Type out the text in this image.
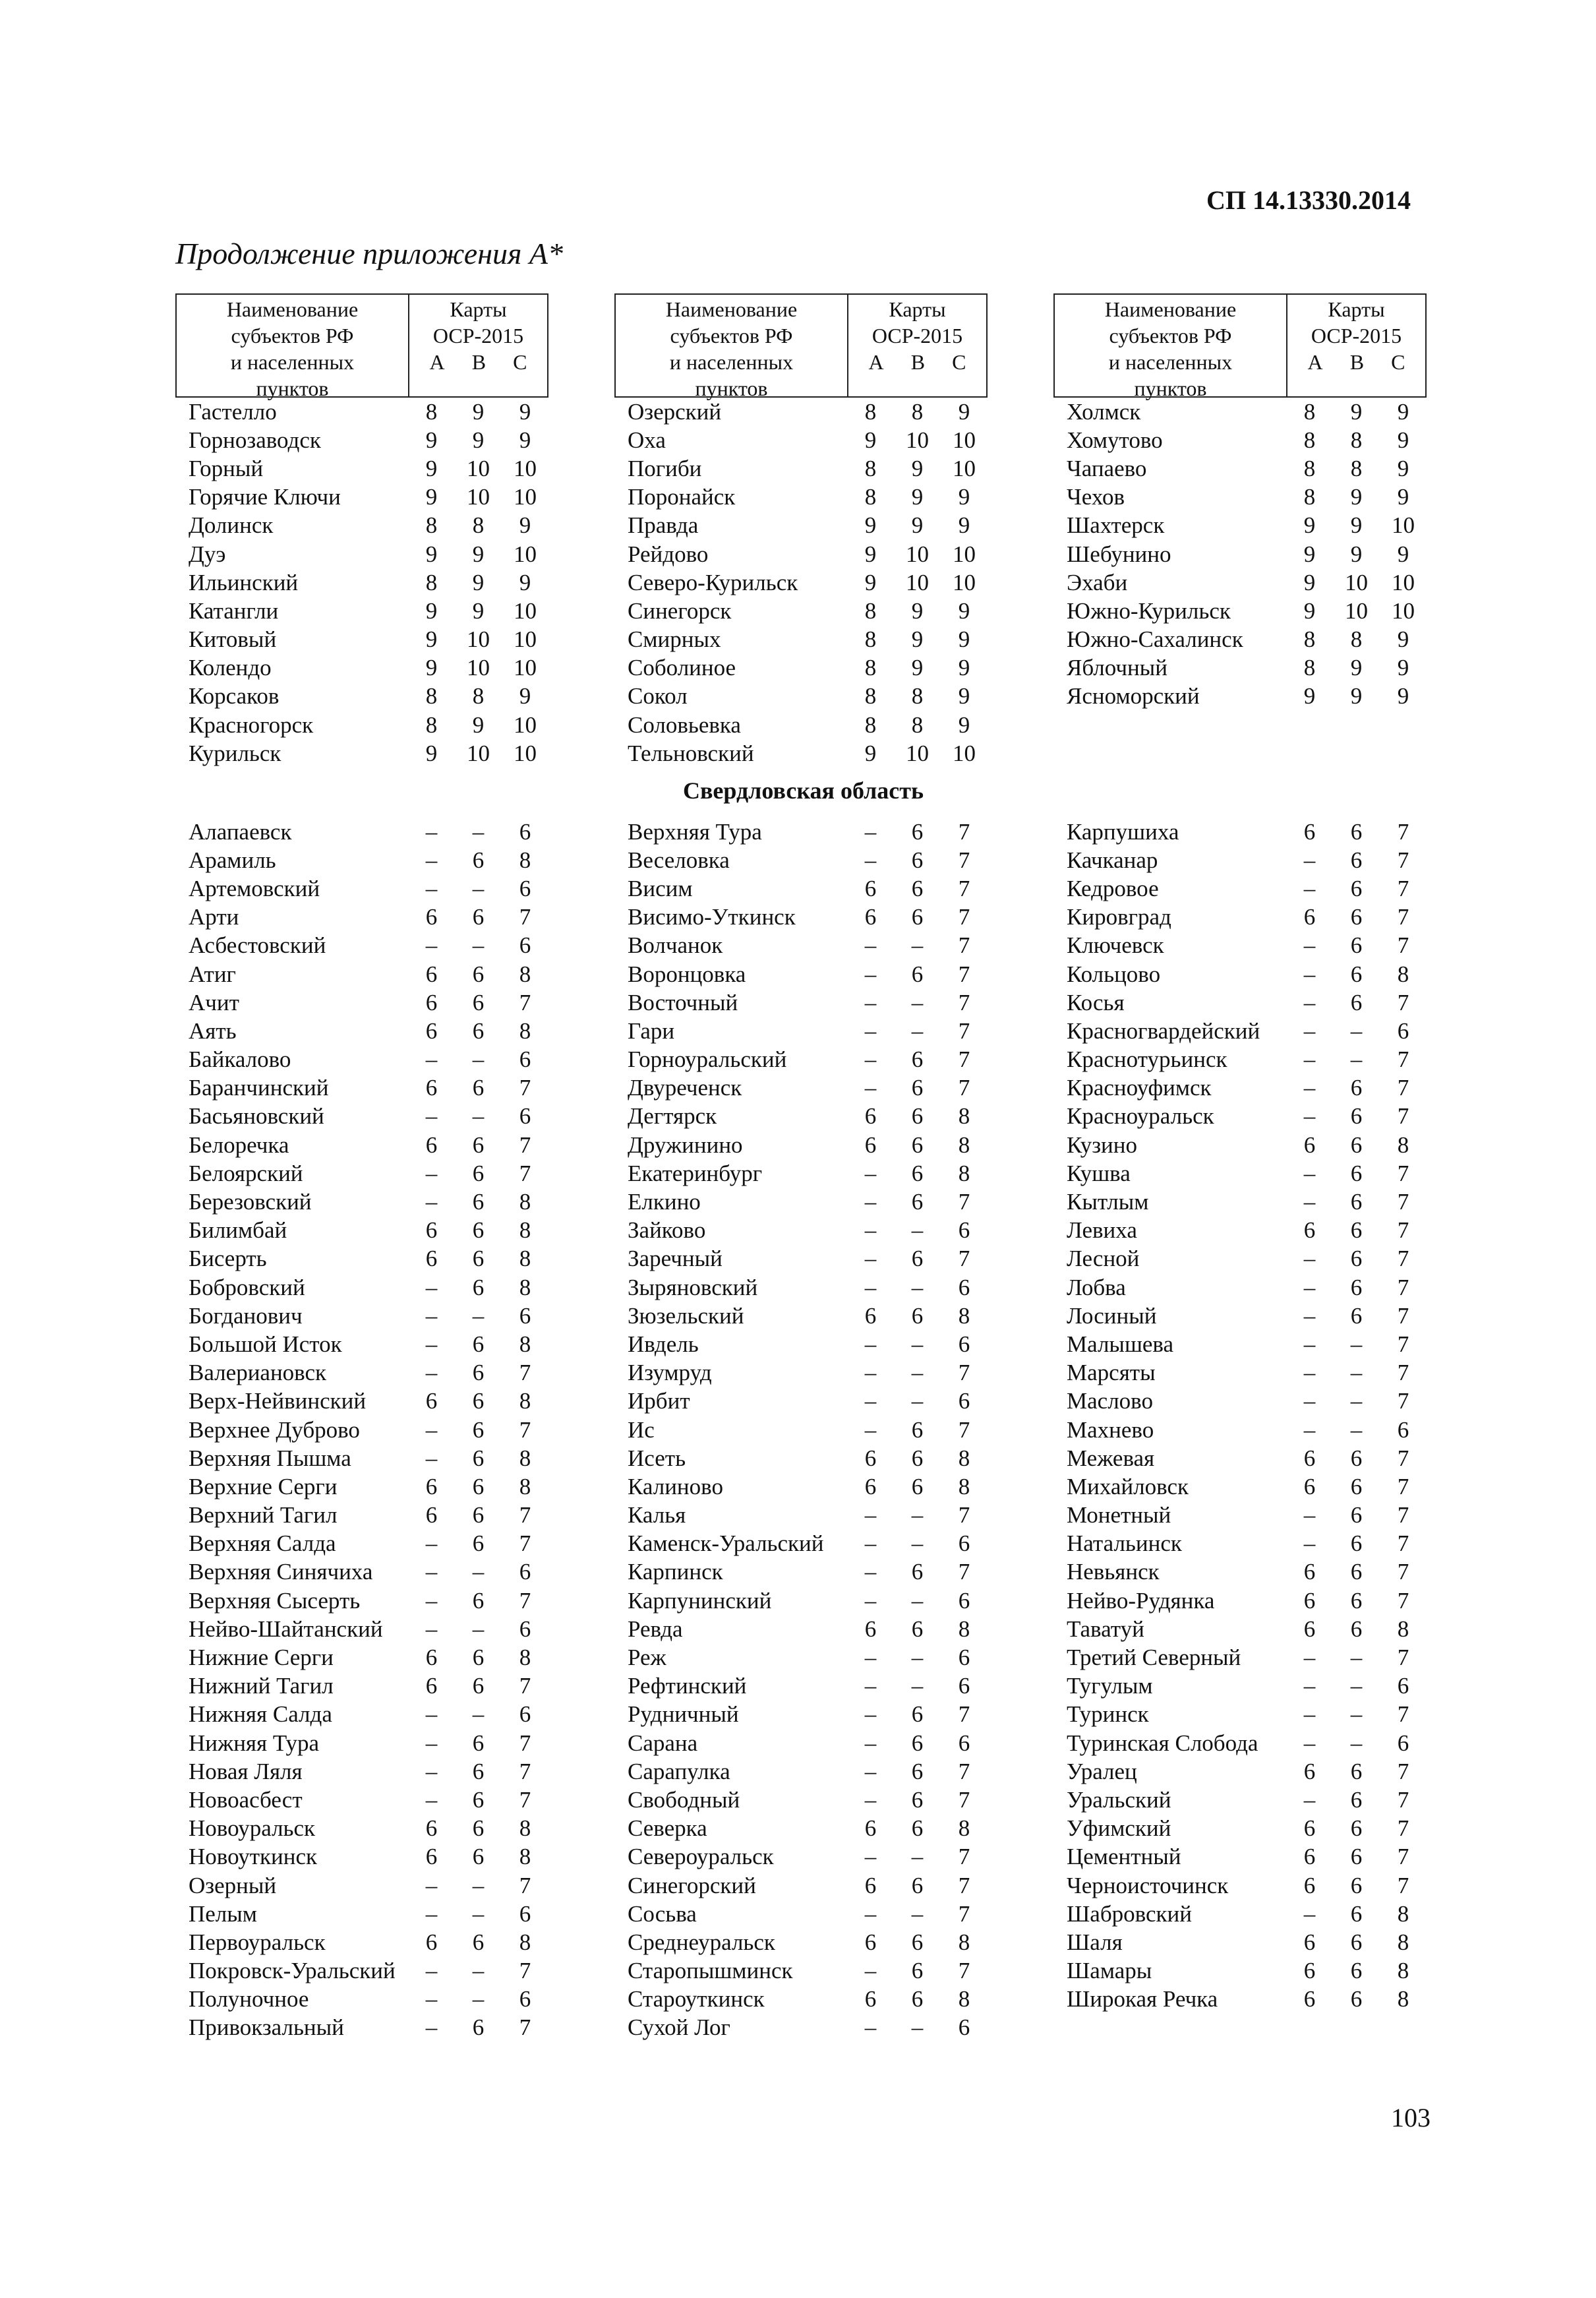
СП 14.13330.2014
Продолжение приложения А*
Наименование
субъектов РФ
и населенных
пунктов
Карты
ОСР-2015
А В С
Гастелло	8	9	9
Горнозаводск	9	9	9
Горный	9	10	10
Горячие Ключи	9	10	10
Долинск	8	8	9
Дуэ	9	9	10
Ильинский	8	9	9
Катангли	9	9	10
Китовый	9	10	10
Колендо	9	10	10
Корсаков	8	8	9
Красногорск	8	9	10
Курильск	9	10	10
Алапаевск	–	–	6
Арамиль	–	6	8
Артемовский	–	–	6
Арти	6	6	7
Асбестовский	–	–	6
Атиг	6	6	8
Ачит	6	6	7
Аять	6	6	8
Байкалово	–	–	6
Баранчинский	6	6	7
Басьяновский	–	–	6
Белоречка	6	6	7
Белоярский	–	6	7
Березовский	–	6	8
Билимбай	6	6	8
Бисерть	6	6	8
Бобровский	–	6	8
Богданович	–	–	6
Большой Исток	–	6	8
Валериановск	–	6	7
Верх-Нейвинский	6	6	8
Верхнее Дуброво	–	6	7
Верхняя Пышма	–	6	8
Верхние Серги	6	6	8
Верхний Тагил	6	6	7
Верхняя Салда	–	6	7
Верхняя Синячиха	–	–	6
Верхняя Сысерть	–	6	7
Нейво-Шайтанский	–	–	6
Нижние Серги	6	6	8
Нижний Тагил	6	6	7
Нижняя Салда	–	–	6
Нижняя Тура	–	6	7
Новая Ляля	–	6	7
Новоасбест	–	6	7
Новоуральск	6	6	8
Новоуткинск	6	6	8
Озерный	–	–	7
Пелым	–	–	6
Первоуральск	6	6	8
Покровск-Уральский	–	–	7
Полуночное	–	–	6
Привокзальный	–	6	7
Наименование
субъектов РФ
и населенных
пунктов
Карты
ОСР-2015
А В С
Озерский	8	8	9
Оха	9	10	10
Погиби	8	9	10
Поронайск	8	9	9
Правда	9	9	9
Рейдово	9	10	10
Северо-Курильск	9	10	10
Синегорск	8	9	9
Смирных	8	9	9
Соболиное	8	9	9
Сокол	8	8	9
Соловьевка	8	8	9
Тельновский	9	10	10
Верхняя Тура	–	6	7
Веселовка	–	6	7
Висим	6	6	7
Висимо-Уткинск	6	6	7
Волчанок	–	–	7
Воронцовка	–	6	7
Восточный	–	–	7
Гари	–	–	7
Горноуральский	–	6	7
Двуреченск	–	6	7
Дегтярск	6	6	8
Дружинино	6	6	8
Екатеринбург	–	6	8
Елкино	–	6	7
Зайково	–	–	6
Заречный	–	6	7
Зыряновский	–	–	6
Зюзельский	6	6	8
Ивдель	–	–	6
Изумруд	–	–	7
Ирбит	–	–	6
Ис	–	6	7
Исеть	6	6	8
Калиново	6	6	8
Калья	–	–	7
Каменск-Уральский	–	–	6
Карпинск	–	6	7
Карпунинский	–	–	6
Ревда	6	6	8
Реж	–	–	6
Рефтинский	–	–	6
Рудничный	–	6	7
Сарана	–	6	6
Сарапулка	–	6	7
Свободный	–	6	7
Северка	6	6	8
Североуральск	–	–	7
Синегорский	6	6	7
Сосьва	–	–	7
Среднеуральск	6	6	8
Старопышминск	–	6	7
Староуткинск	6	6	8
Сухой Лог	–	–	6
Наименование
субъектов РФ
и населенных
пунктов
Карты
ОСР-2015
А В С
Холмск	8	9	9
Хомутово	8	8	9
Чапаево	8	8	9
Чехов	8	9	9
Шахтерск	9	9	10
Шебунино	9	9	9
Эхаби	9	10	10
Южно-Курильск	9	10	10
Южно-Сахалинск	8	8	9
Яблочный	8	9	9
Ясноморский	9	9	9
Карпушиха	6	6	7
Качканар	–	6	7
Кедровое	–	6	7
Кировград	6	6	7
Ключевск	–	6	7
Кольцово	–	6	8
Косья	–	6	7
Красногвардейский	–	–	6
Краснотурьинск	–	–	7
Красноуфимск	–	6	7
Красноуральск	–	6	7
Кузино	6	6	8
Кушва	–	6	7
Кытлым	–	6	7
Левиха	6	6	7
Лесной	–	6	7
Лобва	–	6	7
Лосиный	–	6	7
Малышева	–	–	7
Марсяты	–	–	7
Маслово	–	–	7
Махнево	–	–	6
Межевая	6	6	7
Михайловск	6	6	7
Монетный	–	6	7
Натальинск	–	6	7
Невьянск	6	6	7
Нейво-Рудянка	6	6	7
Таватуй	6	6	8
Третий Северный	–	–	7
Тугулым	–	–	6
Туринск	–	–	7
Туринская Слобода	–	–	6
Уралец	6	6	7
Уральский	–	6	7
Уфимский	6	6	7
Цементный	6	6	7
Черноисточинск	6	6	7
Шабровский	–	6	8
Шаля	6	6	8
Шамары	6	6	8
Широкая Речка	6	6	8
Свердловская область
103
